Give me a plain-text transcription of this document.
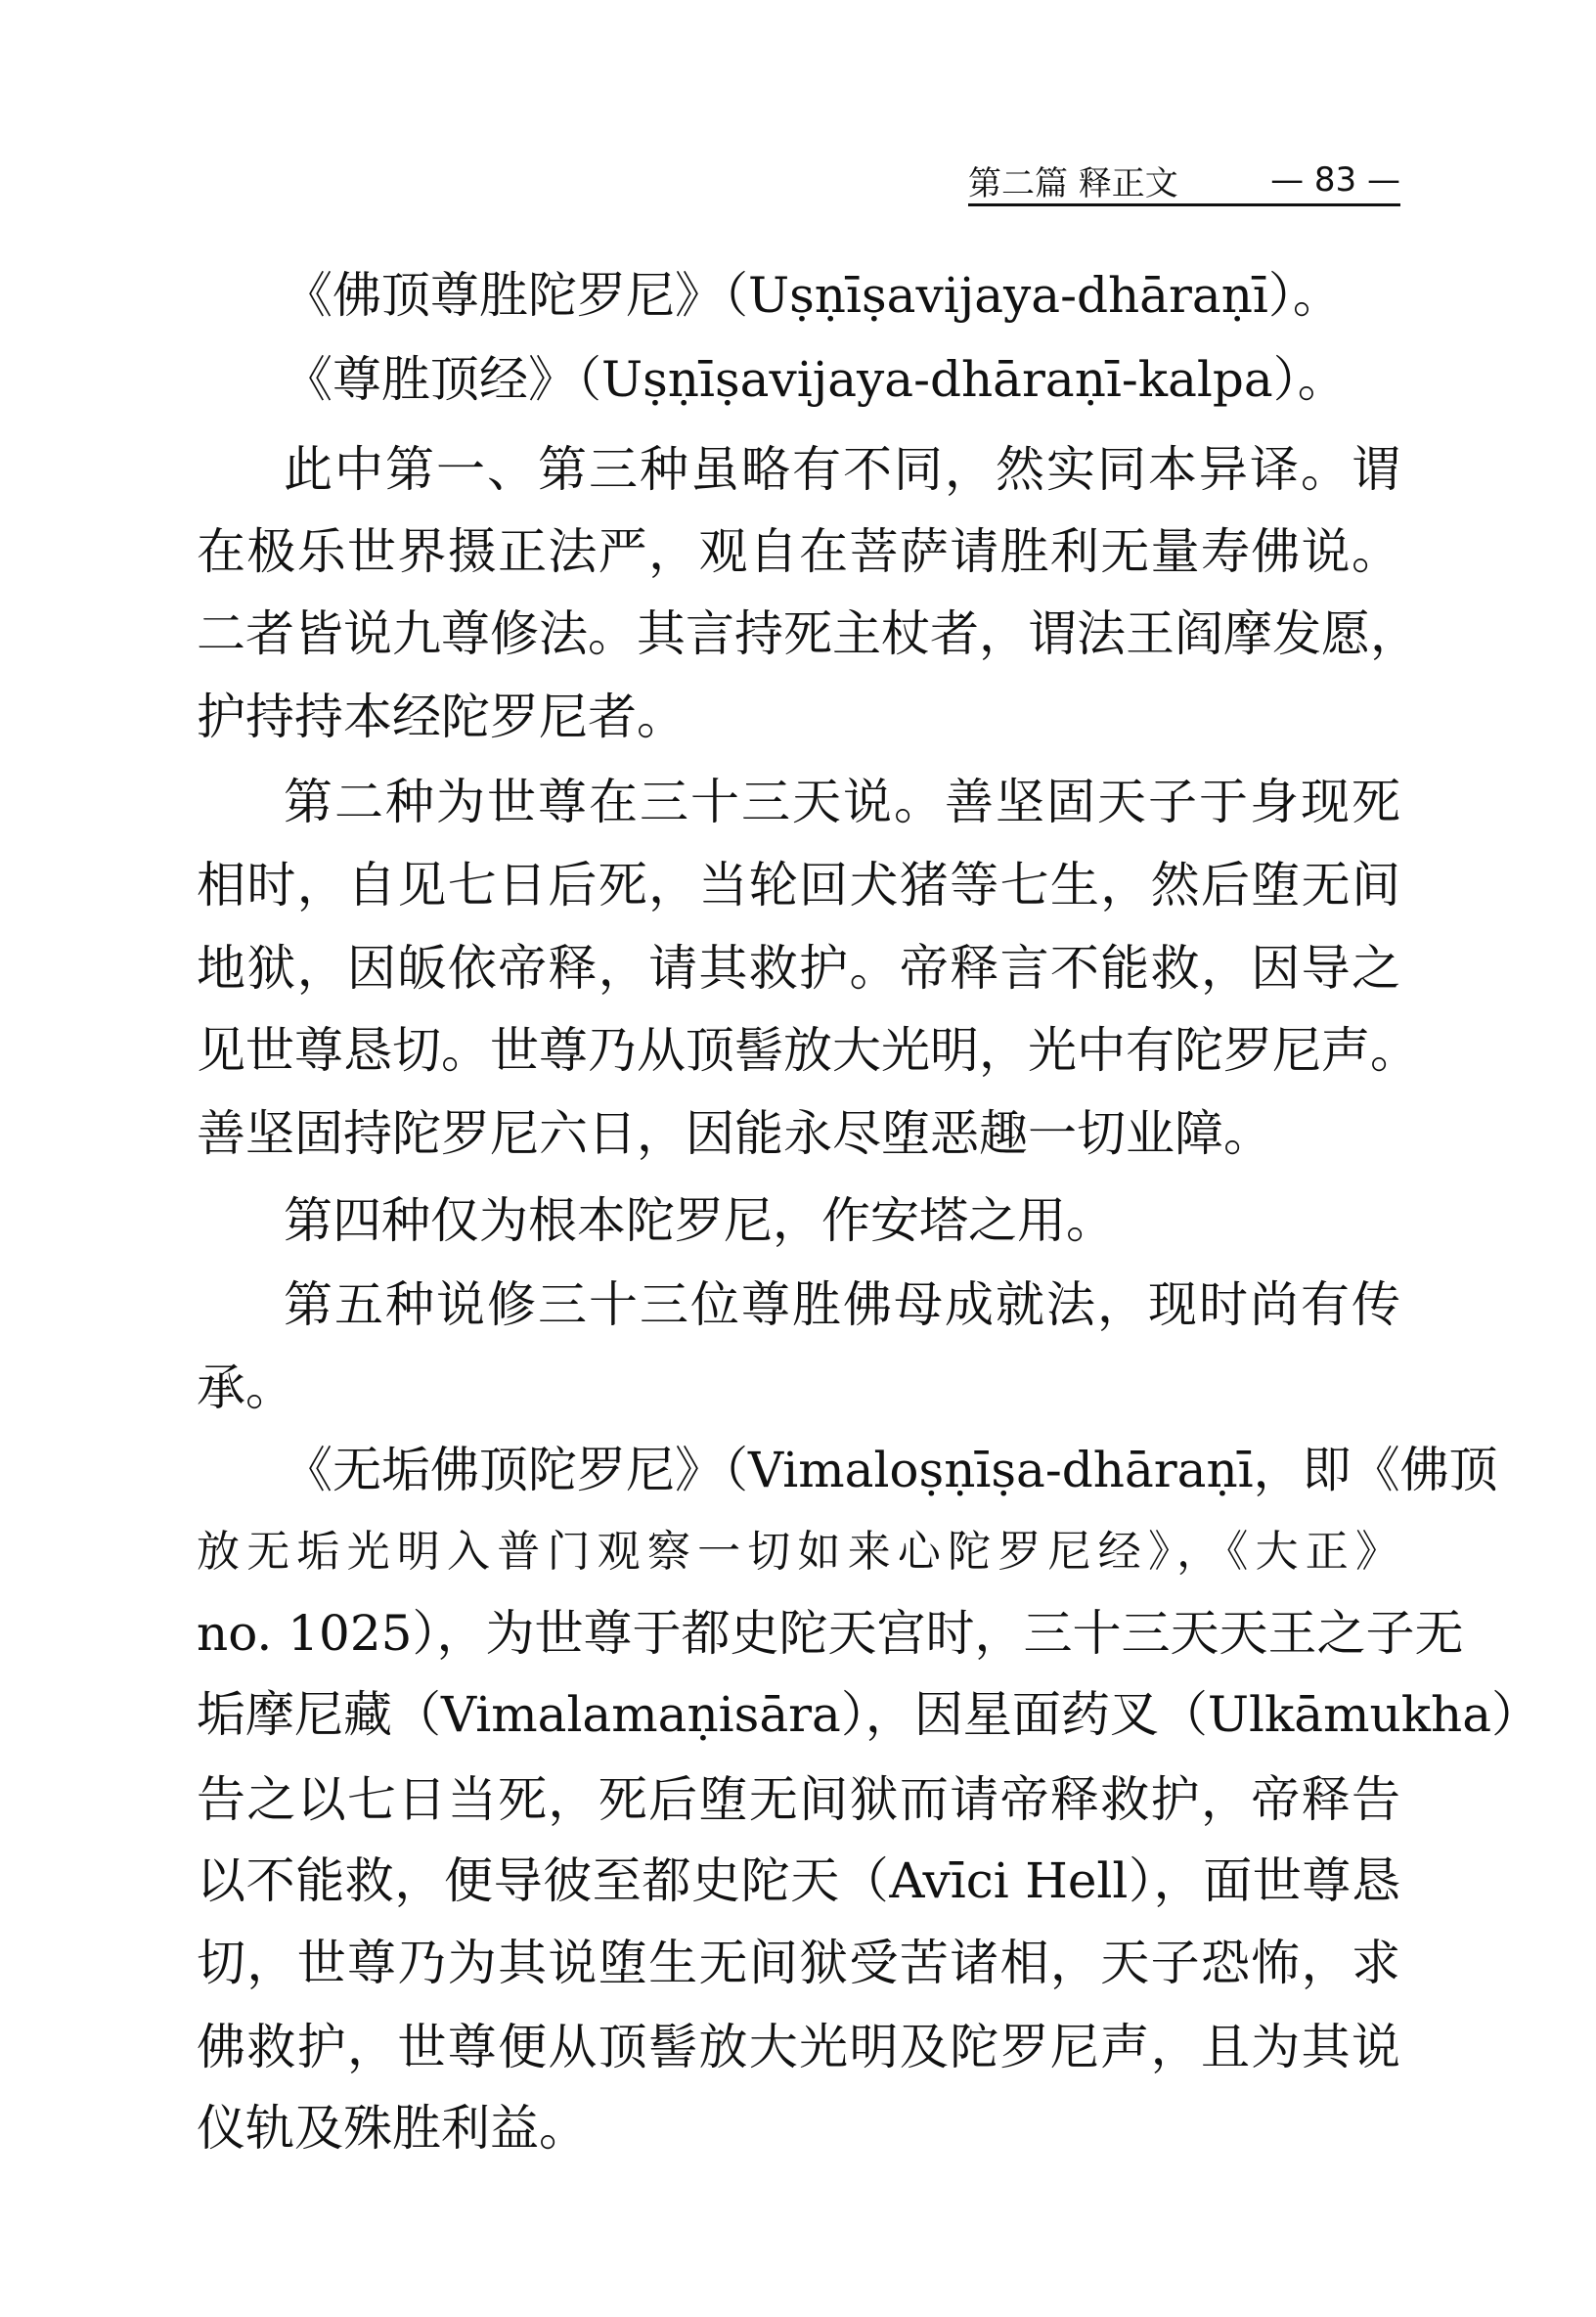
第二篇 释正文	— 83 —
《佛顶尊胜陀罗尼》（Uṣṇīṣavijaya-dhāraṇī）。
《尊胜顶经》（Uṣṇīṣavijaya-dhāraṇī-kalpa）。
此中第一、第三种虽略有不同，然实同本异译。谓
在极乐世界摄正法严，观自在菩萨请胜利无量寿佛说。
二者皆说九尊修法。其言持死主杖者，谓法王阎摩发愿，
护持持本经陀罗尼者。
第二种为世尊在三十三天说。善坚固天子于身现死
相时，自见七日后死，当轮回犬猪等七生，然后堕无间
地狱，因皈依帝释，请其救护。帝释言不能救，因导之
见世尊恳切。世尊乃从顶髻放大光明，光中有陀罗尼声。
善坚固持陀罗尼六日，因能永尽堕恶趣一切业障。
第四种仅为根本陀罗尼，作安塔之用。
第五种说修三十三位尊胜佛母成就法，现时尚有传
承。
《无垢佛顶陀罗尼》（Vimaloṣṇīṣa-dhāraṇī，即《佛顶
放无垢光明入普门观察一切如来心陀罗尼经》，《大正》
no. 1025），为世尊于都史陀天宫时，三十三天天王之子无
垢摩尼藏（Vimalamaṇisāra），因星面药叉（Ulkāmukha）
告之以七日当死，死后堕无间狱而请帝释救护，帝释告
以不能救，便导彼至都史陀天（Avīci Hell），面世尊恳
切，世尊乃为其说堕生无间狱受苦诸相，天子恐怖，求
佛救护，世尊便从顶髻放大光明及陀罗尼声，且为其说
仪轨及殊胜利益。
